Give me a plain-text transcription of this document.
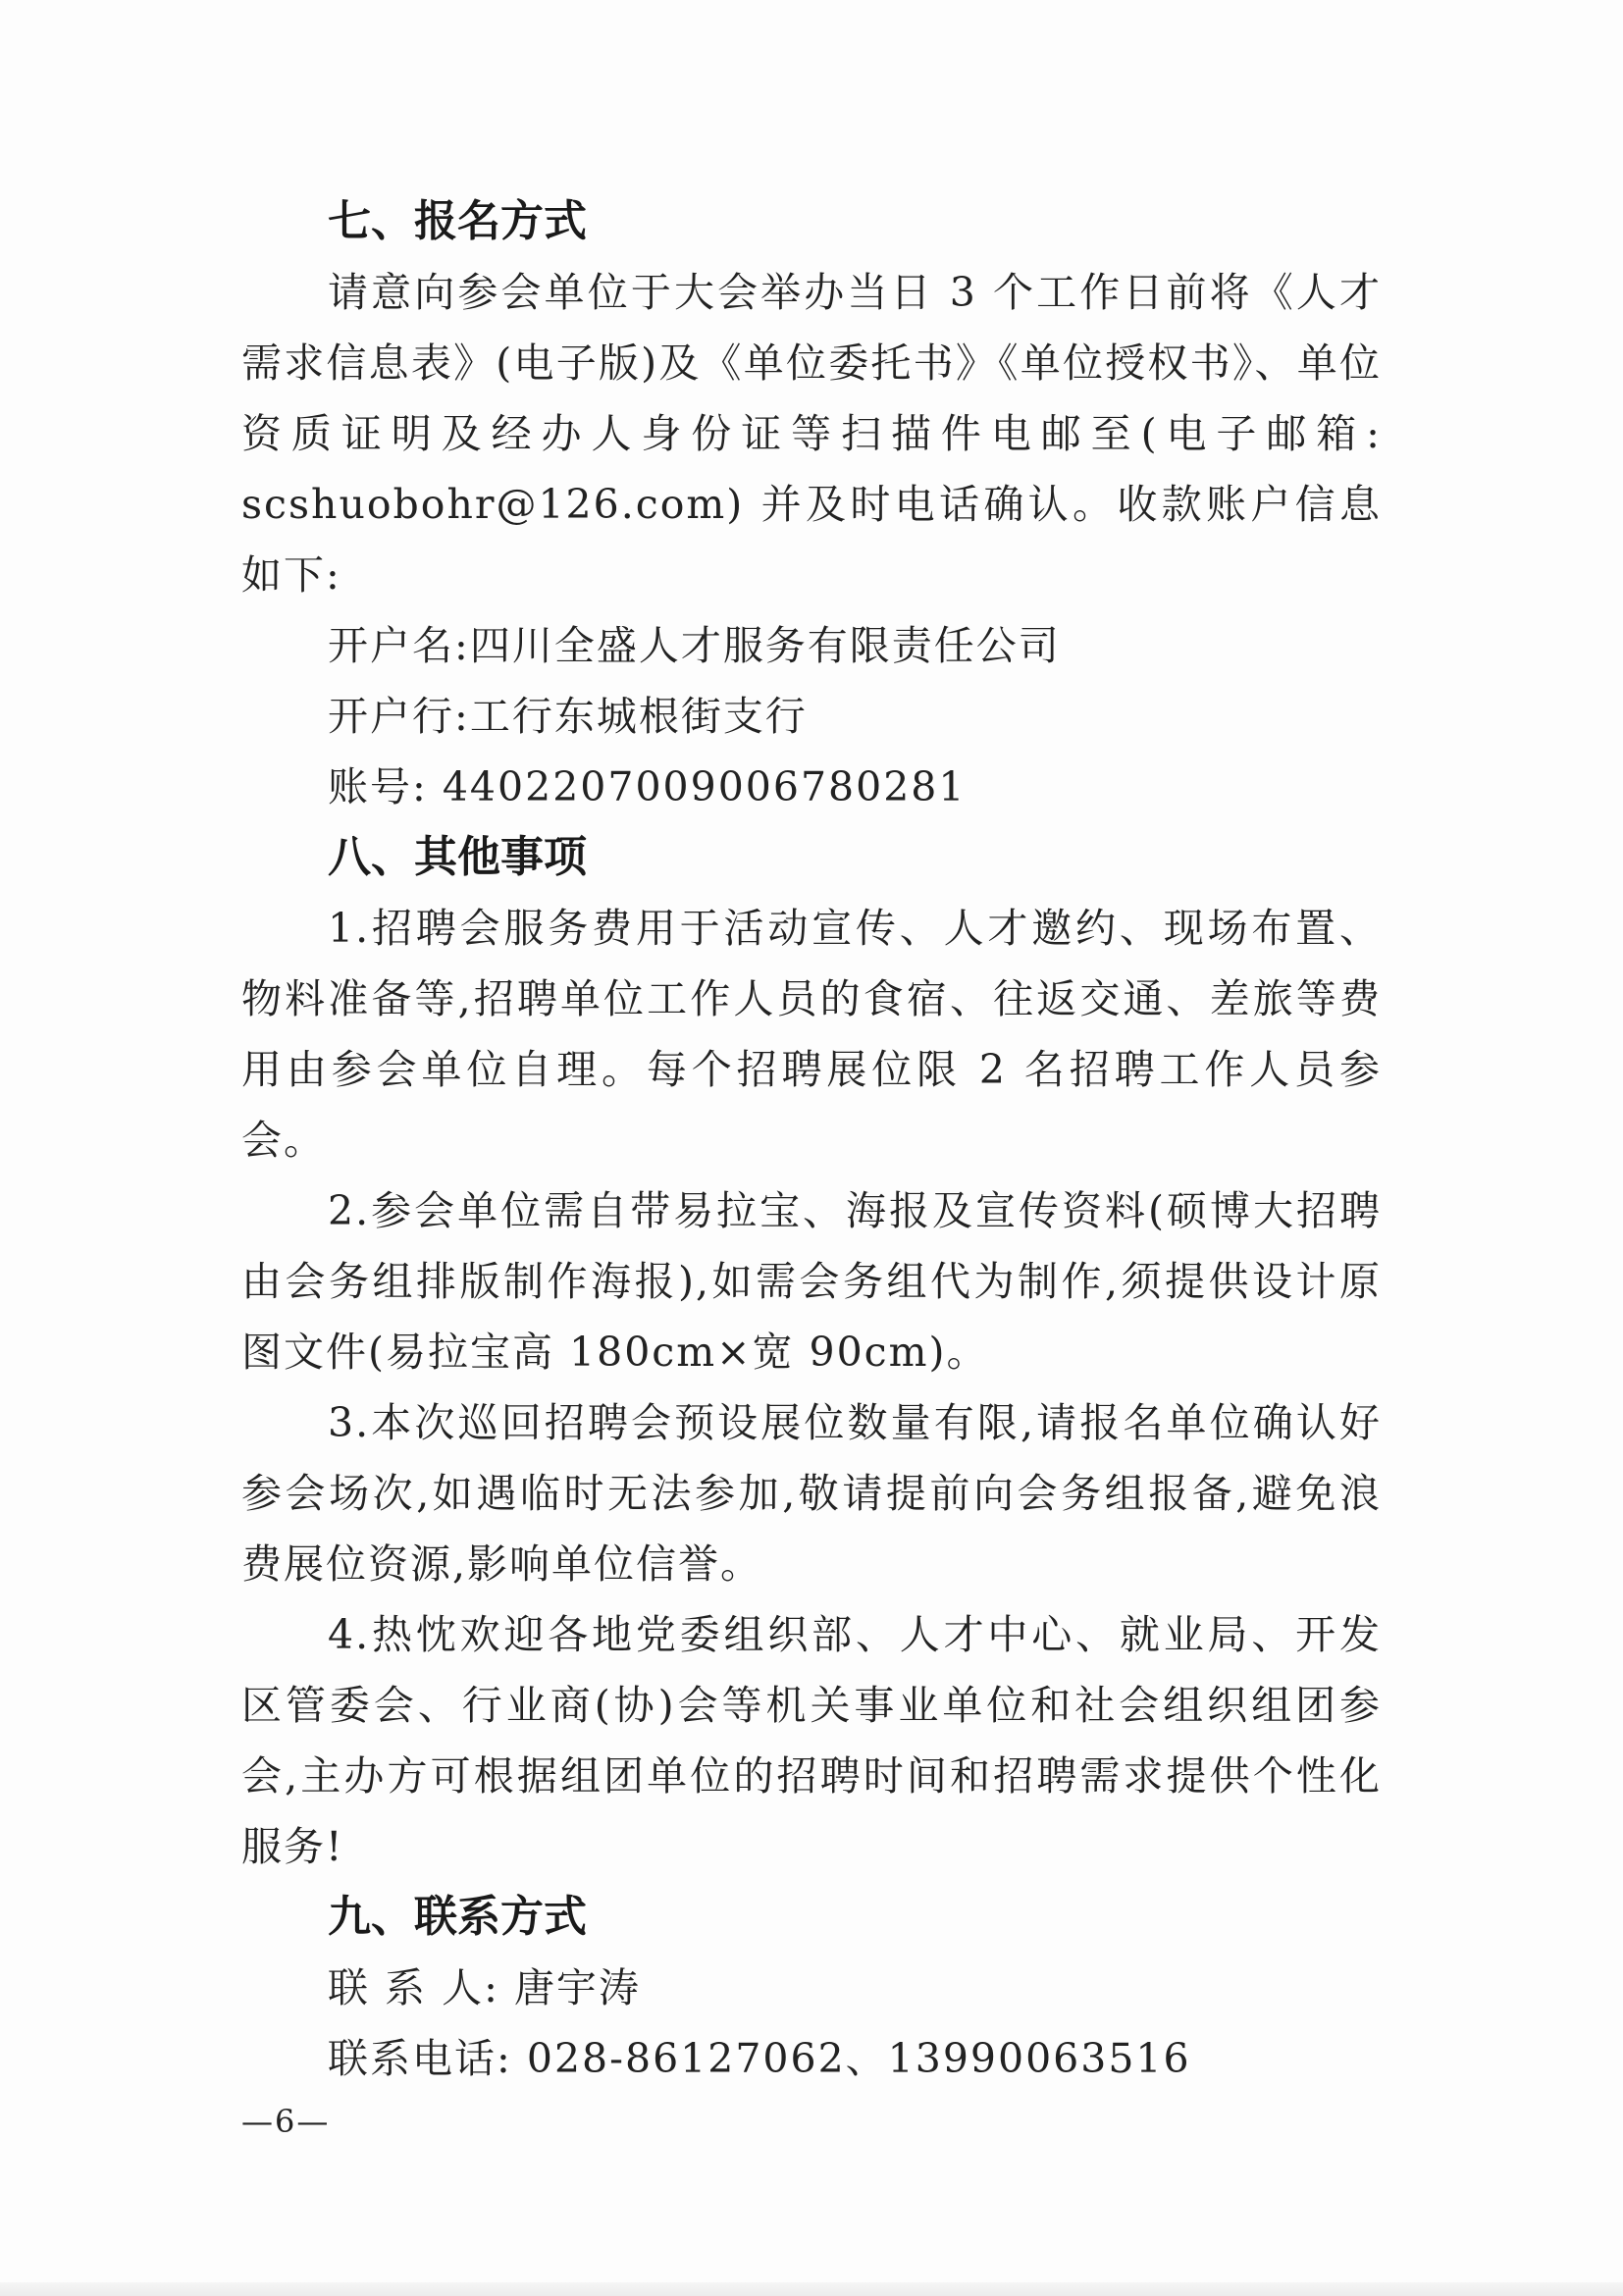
七、报名方式

请意向参会单位于大会举办当日 3 个工作日前将《人才需求信息表》(电子版)及《单位委托书》《单位授权书》、单位资质证明及经办人身份证等扫描件电邮至(电子邮箱: scshuobohr@126.com) 并及时电话确认。收款账户信息如下:

开户名:四川全盛人才服务有限责任公司

开户行:工行东城根街支行

账号: 4402207009006780281

八、其他事项

1.招聘会服务费用于活动宣传、人才邀约、现场布置、物料准备等,招聘单位工作人员的食宿、往返交通、差旅等费用由参会单位自理。每个招聘展位限 2 名招聘工作人员参会。

2.参会单位需自带易拉宝、海报及宣传资料(硕博大招聘由会务组排版制作海报),如需会务组代为制作,须提供设计原图文件(易拉宝高 180cm×宽 90cm)。

3.本次巡回招聘会预设展位数量有限,请报名单位确认好参会场次,如遇临时无法参加,敬请提前向会务组报备,避免浪费展位资源,影响单位信誉。

4.热忱欢迎各地党委组织部、人才中心、就业局、开发区管委会、行业商(协)会等机关事业单位和社会组织组团参会,主办方可根据组团单位的招聘时间和招聘需求提供个性化服务!

九、联系方式

联 系 人: 唐宇涛

联系电话: 028-86127062、13990063516

—6—
